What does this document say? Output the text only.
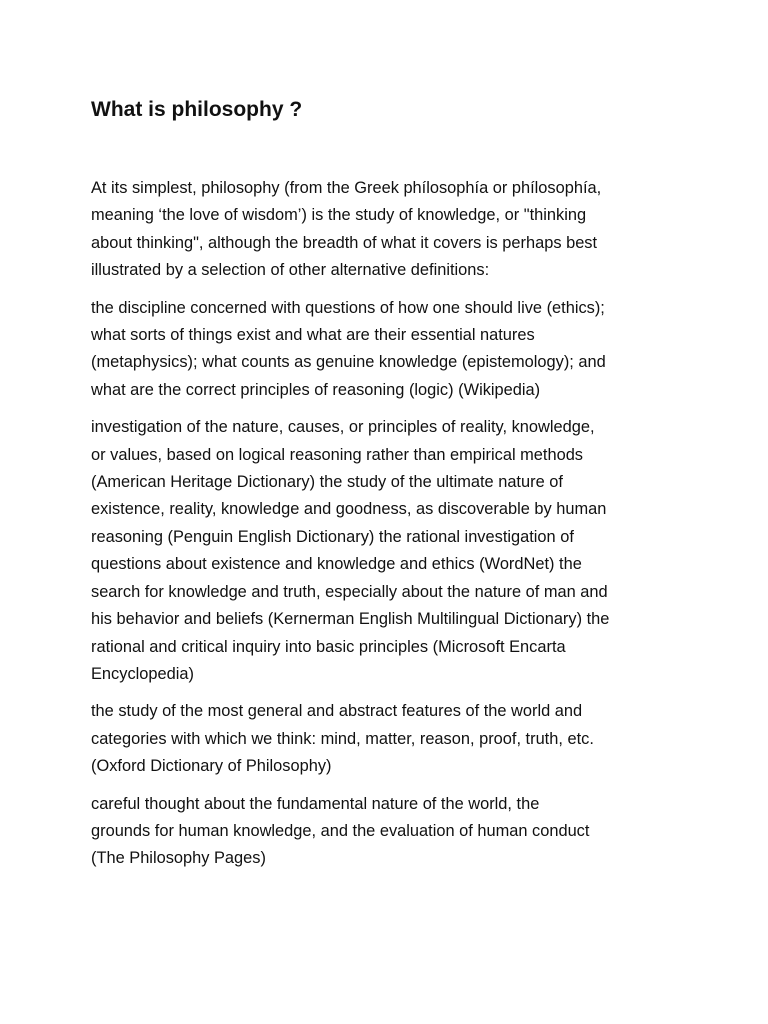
What is philosophy ?

At its simplest, philosophy (from the Greek phílosophía or phílosophía,
meaning ‘the love of wisdom’) is the study of knowledge, or "thinking
about thinking", although the breadth of what it covers is perhaps best
illustrated by a selection of other alternative definitions:

the discipline concerned with questions of how one should live (ethics);
what sorts of things exist and what are their essential natures
(metaphysics); what counts as genuine knowledge (epistemology); and
what are the correct principles of reasoning (logic) (Wikipedia)

investigation of the nature, causes, or principles of reality, knowledge,
or values, based on logical reasoning rather than empirical methods
(American Heritage Dictionary) the study of the ultimate nature of
existence, reality, knowledge and goodness, as discoverable by human
reasoning (Penguin English Dictionary) the rational investigation of
questions about existence and knowledge and ethics (WordNet) the
search for knowledge and truth, especially about the nature of man and
his behavior and beliefs (Kernerman English Multilingual Dictionary) the
rational and critical inquiry into basic principles (Microsoft Encarta
Encyclopedia)

the study of the most general and abstract features of the world and
categories with which we think: mind, matter, reason, proof, truth, etc.
(Oxford Dictionary of Philosophy)

careful thought about the fundamental nature of the world, the
grounds for human knowledge, and the evaluation of human conduct
(The Philosophy Pages)
